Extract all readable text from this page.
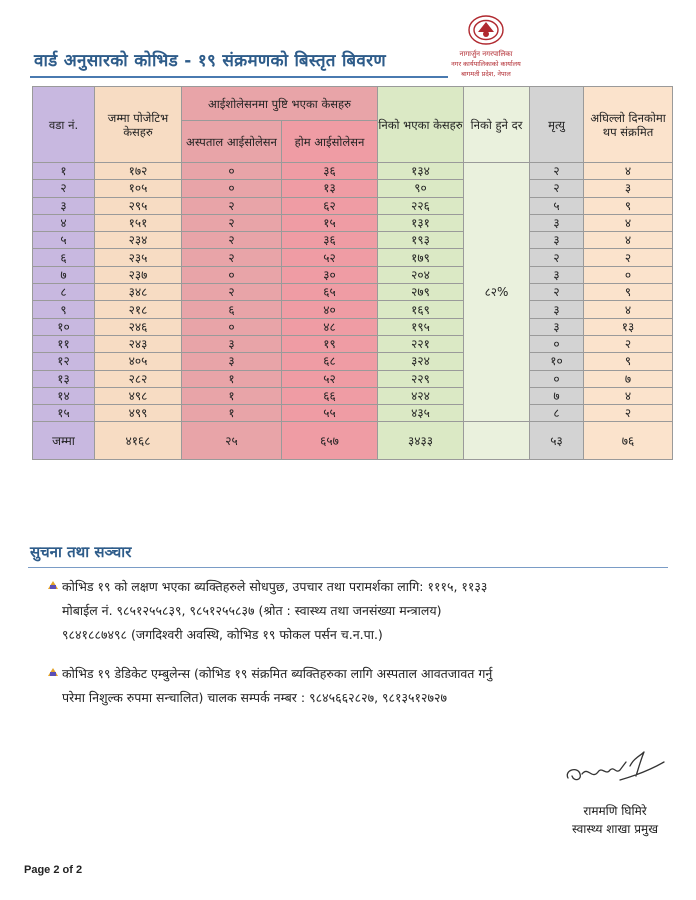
वार्ड अनुसारको कोभिड - १९ संक्रमणको बिस्तृत बिवरण	नागार्जुन नगरपालिका
नगर कार्यपालिकाको कार्यालय
बागमती प्रदेश, नेपाल
वडा नं.	जम्मा पोजेटिभ केसहरु	आईशोलेसनमा पुष्टि भएका केसहरु		निको भएका केसहरु	निको हुने दर	मृत्यु	अघिल्लो दिनकोमा थप संक्रमित
		अस्पताल आईसोलेसन	होम आईसोलेसन				
१	१७२	०	३६	१३४	८२%	२	४
२	१०५	०	१३	९०		२	३
३	२९५	२	६२	२२६		५	९
४	१५१	२	१५	१३१		३	४
५	२३४	२	३६	१९३		३	४
६	२३५	२	५२	१७९		२	२
७	२३७	०	३०	२०४		३	०
८	३४८	२	६५	२७९		२	९
९	२१८	६	४०	१६९		३	४
१०	२४६	०	४८	१९५		३	१३
११	२४३	३	१९	२२१		०	२
१२	४०५	३	६८	३२४		१०	९
१३	२८२	१	५२	२२९		०	७
१४	४९८	१	६६	४२४		७	४
१५	४९९	१	५५	४३५		८	२
जम्मा	४१६८	२५	६५७	३४३३		५३	७६
सुचना तथा सञ्चार
कोभिड १९ को लक्षण भएका ब्यक्तिहरुले सोधपुछ, उपचार तथा परामर्शका लागि: १११५, ११३३
मोबाईल नं. ९८५१२५५८३९, ९८५१२५५८३७ (श्रोत : स्वास्थ्य तथा जनसंख्या मन्त्रालय)
९८४१८८७४९८ (जगदिश्वरी अवस्थि, कोभिड १९ फोकल पर्सन च.न.पा.)
कोभिड १९ डेडिकेट एम्बुलेन्स (कोभिड १९ संक्रमित ब्यक्तिहरुका लागि अस्पताल आवतजावत गर्नु
परेमा निशुल्क रुपमा सन्चालित) चालक सम्पर्क नम्बर : ९८४५६६२८२७, ९८१३५१२७२७
राममणि घिमिरे
स्वास्थ्य शाखा प्रमुख
Page 2 of 2
